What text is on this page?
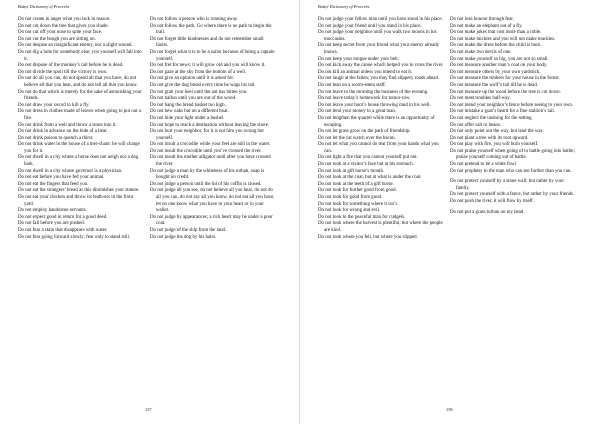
Bašņē Dictionary of Proverbs

Do not create in anger what you lack in reason.

Do not cut down the tree that gives you shade.

Do not cut off your nose to spite your face.

Do not cut the bough you are sitting on.

Do not despise an insignificant enemy, nor a slight wound.

Do not dig a hole for somebody else; you yourself will fall into it.

Do not dispose of the monkey’s tail before he is dead.

Do not divide the spoil till the victory is won.

Do not do all you can, do not spend all that you have, do not believe all that you hear, and do not tell all that you know.

Do not do that which is merely for the sake of astonishing your friends.

Do not draw your sword to kill a fly.

Do not dress in clothes made of leaves when going to put out a fire.

Do not drink from a well and throw a stone into it.

Do not drink in advance on the hide of a bear.

Do not drink poison to quench a thirst.

Do not drink water in the house of a mer-chant: he will charge you for it.

Do not dwell in a city where a horse does not neigh nor a dog bark.

Do not dwell in a city whose governor is a physician.

Do not eat before you have fed your animal.

Do not eat the fingers that feed you.

Do not eat the strangers’ bread as this diminishes your stature.

Do not eat your chicken and throw its feath-ers in the front yard.

Do not employ handsome servants.

Do not expect good in return for a good deed.

Do not fall before you are pushed.

Do not fear a stain that disappears with water.

Do not fear going forward slowly; fear only to stand still.

Do not follow a person who is running away.

Do not follow the path. Go where there is no path to begin the trail.

Do not forget little kindnesses and do not remember small faults.

Do not forget what it is to be a sailor because of being a captain yourself.

Do not fret for news; it will grow old and you will know it.

Do not gaze at the sky from the bottom of a well.

Do not give an opinion until it is asked for.

Do not give the dog bread every time he wags his tail.

Do not grab your heel until the ant has bitten you.

Do not halloo until you are out of the wood.

Do not hang the bread basket too high.

Do not hew oaks but on a different boat.

Do not hide your light under a bushel.

Do not hope to reach a destination without leaving the shore.

Do not hurt your neighbor, for it is not him you wrong but yourself.

Do not insult a crocodile while your feet are still in the water.

Do not insult the crocodile until you’ve crossed the river.

Do not insult the mother alligator until after you have crossed the river.

Do not judge a man by the whiteness of his turban, soap is bought on credit.

Do not judge a person until the lid of his coffin is closed.

Do not judge all you see, do not believe all you hear, do not do all you can, do not say all you know, do not eat all you have, let no one know what you have in your heart or in your wallet.

Do not judge by appearances; a rich heart may be under a poor coat.

Do not judge of the ship from the land.

Do not judge the dog by his hairs.

157
Bašņē Dictionary of Proverbs

Do not judge your fellow man until you have stood in his place.

Do not judge your friend until you stand in his place.

Do not judge your neighbor until you walk two moons in his moccasins.

Do not keep secret from your friend what your enemy already knows.

Do not keep your tongue under your belt.

Do not kick away the canoe which helped you to cross the river.

Do not kill an animal unless you intend to eat it.

Do not laugh at the fallen; you may find slippery roads ahead.

Do not lean on a worm-eaten staff.

Do not leave to the morning the business of the evening.

Do not leave today’s homework for tomor-row.

Do not leave your boot’s house throwing mud in his well.

Do not lend your money to a great man.

Do not lengthen the quarrel while there is an opportunity of escaping.

Do not let grass grow on the path of friendship.

Do not let the cat watch over the bacon.

Do not let what you cannot do tear from your hands what you can.

Do not light a fire that you cannot yourself put out.

Do not look at a visitor’s face but at his stomach.

Do not look at gift horse’s mouth.

Do not look at the coat, but at what is under the coat.

Do not look at the teeth of a gift horse.

Do not look for further good from good.

Do not look for good from good.

Do not look for something where it isn’t.

Do not look for wrong and evil.

Do not look to the peaceful man for cudgels.

Do not look where the harvest is plentiful, but where the people are kind.

Do not look where you fell, but where you slipped.

Do not lose honour through fear.

Do not make an elephant out of a fly.

Do not make jokes that cost more than a ruble.

Do not make mickles and you will not make muckles.

Do not make the dress before the child is born.

Do not make two devils of one.

Do not make yourself so big, you are not so small.

Do not measure another man’s coat on your body.

Do not measure others by your own yardstick.

Do not measure the timbers for your house in the forest.

Do not measure the wolf’s tail till he is dead.

Do not measure up the wood before the tree is cut down.

Do not meet troubles half-way.

Do not mend your neighbor’s fence before seeing to your own.

Do not mistake a goat’s beard for a fine stallion’s tail.

Do not neglect the undoing for the setting.

Do not offer salt or beans.

Do not only point out the way, but lead the way.

Do not plant a tree with its root upward.

Do not play with fire, you will burn yourself.

Do not praise yourself when going of to battle going into battle; praise yourself coming out of battle.

Do not pretend to be a white fowl.

Do not prophesy to the man who can see further than you can.

Do not protect yourself by a stone wall; but rather by your family.

Do not protect yourself with a fence, but rather by your friends.

Do not push the river, it will flow by itself.

Do not put a grass turban on my head.

158
